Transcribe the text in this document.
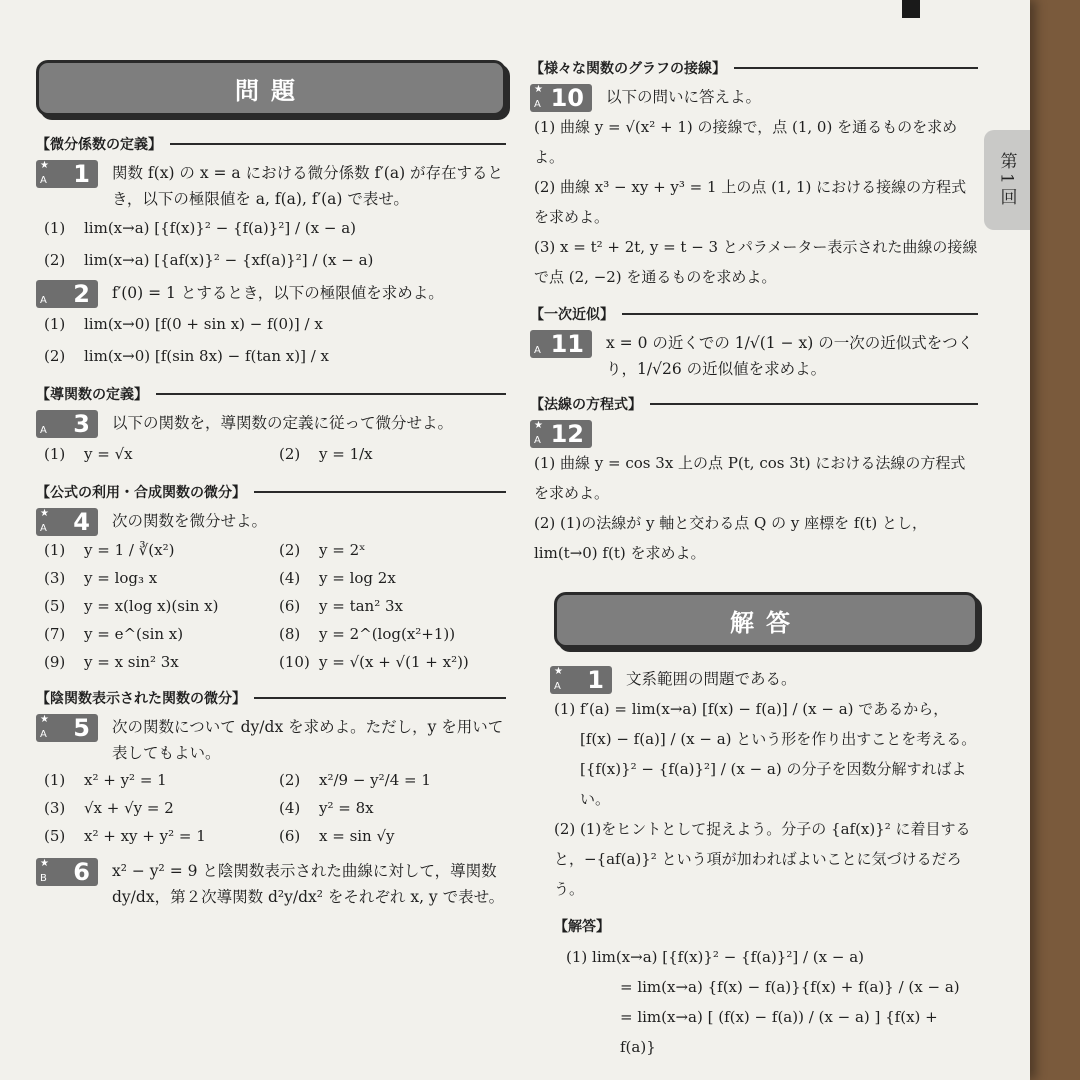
第1回
問題
【微分係数の定義】
★
A 1 関数 f(x) の x = a における微分係数 f′(a) が存在するとき，以下の極限値を a, f(a), f′(a) で表せ。
(1) lim(x→a) [{f(x)}² − {f(a)}²] / (x − a)
(2) lim(x→a) [{af(x)}² − {xf(a)}²] / (x − a)
A 2 f′(0) = 1 とするとき，以下の極限値を求めよ。
(1) lim(x→0) [f(0 + sin x) − f(0)] / x
(2) lim(x→0) [f(sin 8x) − f(tan x)] / x
【導関数の定義】
A 3 以下の関数を，導関数の定義に従って微分せよ。
(1) y = √x	(2) y = 1/x
【公式の利用・合成関数の微分】
★
A 4 次の関数を微分せよ。
(1) y = 1 / ∛(x²)	(2) y = 2ˣ
(3) y = log₃ x	(4) y = log 2x
(5) y = x(log x)(sin x)	(6) y = tan² 3x
(7) y = e^(sin x)	(8) y = 2^(log(x²+1))
(9) y = x sin² 3x	(10) y = √(x + √(1 + x²))
【陰関数表示された関数の微分】
★
A 5 次の関数について dy/dx を求めよ。ただし，y を用いて表してもよい。
(1) x² + y² = 1	(2) x²/9 − y²/4 = 1
(3) √x + √y = 2	(4) y² = 8x
(5) x² + xy + y² = 1	(6) x = sin √y
★
B 6 x² − y² = 9 と陰関数表示された曲線に対して，導関数 dy/dx，第２次導関数 d²y/dx² をそれぞれ x, y で表せ。
【様々な関数のグラフの接線】
★
A 10 以下の問いに答えよ。
(1) 曲線 y = √(x² + 1) の接線で，点 (1, 0) を通るものを求めよ。
(2) 曲線 x³ − xy + y³ = 1 上の点 (1, 1) における接線の方程式を求めよ。
(3) x = t² + 2t, y = t − 3 とパラメーター表示された曲線の接線で点 (2, −2) を通るものを求めよ。
【一次近似】
A 11 x = 0 の近くでの 1/√(1 − x) の一次の近似式をつくり，1/√26 の近似値を求めよ。
【法線の方程式】
★
A 12
(1) 曲線 y = cos 3x 上の点 P(t, cos 3t) における法線の方程式を求めよ。
(2) (1)の法線が y 軸と交わる点 Q の y 座標を f(t) とし，lim(t→0) f(t) を求めよ。
解答
★
A 1 文系範囲の問題である。
(1) f′(a) = lim(x→a) [f(x) − f(a)] / (x − a) であるから，
[f(x) − f(a)] / (x − a) という形を作り出すことを考える。
[{f(x)}² − {f(a)}²] / (x − a) の分子を因数分解すればよい。
(2) (1)をヒントとして捉えよう。分子の {af(x)}² に着目すると，−{af(a)}² という項が加わればよいことに気づけるだろう。
【解答】
(1) lim(x→a) [{f(x)}² − {f(a)}²] / (x − a)
= lim(x→a) {f(x) − f(a)}{f(x) + f(a)} / (x − a)
= lim(x→a) [ (f(x) − f(a)) / (x − a) ] {f(x) + f(a)}
